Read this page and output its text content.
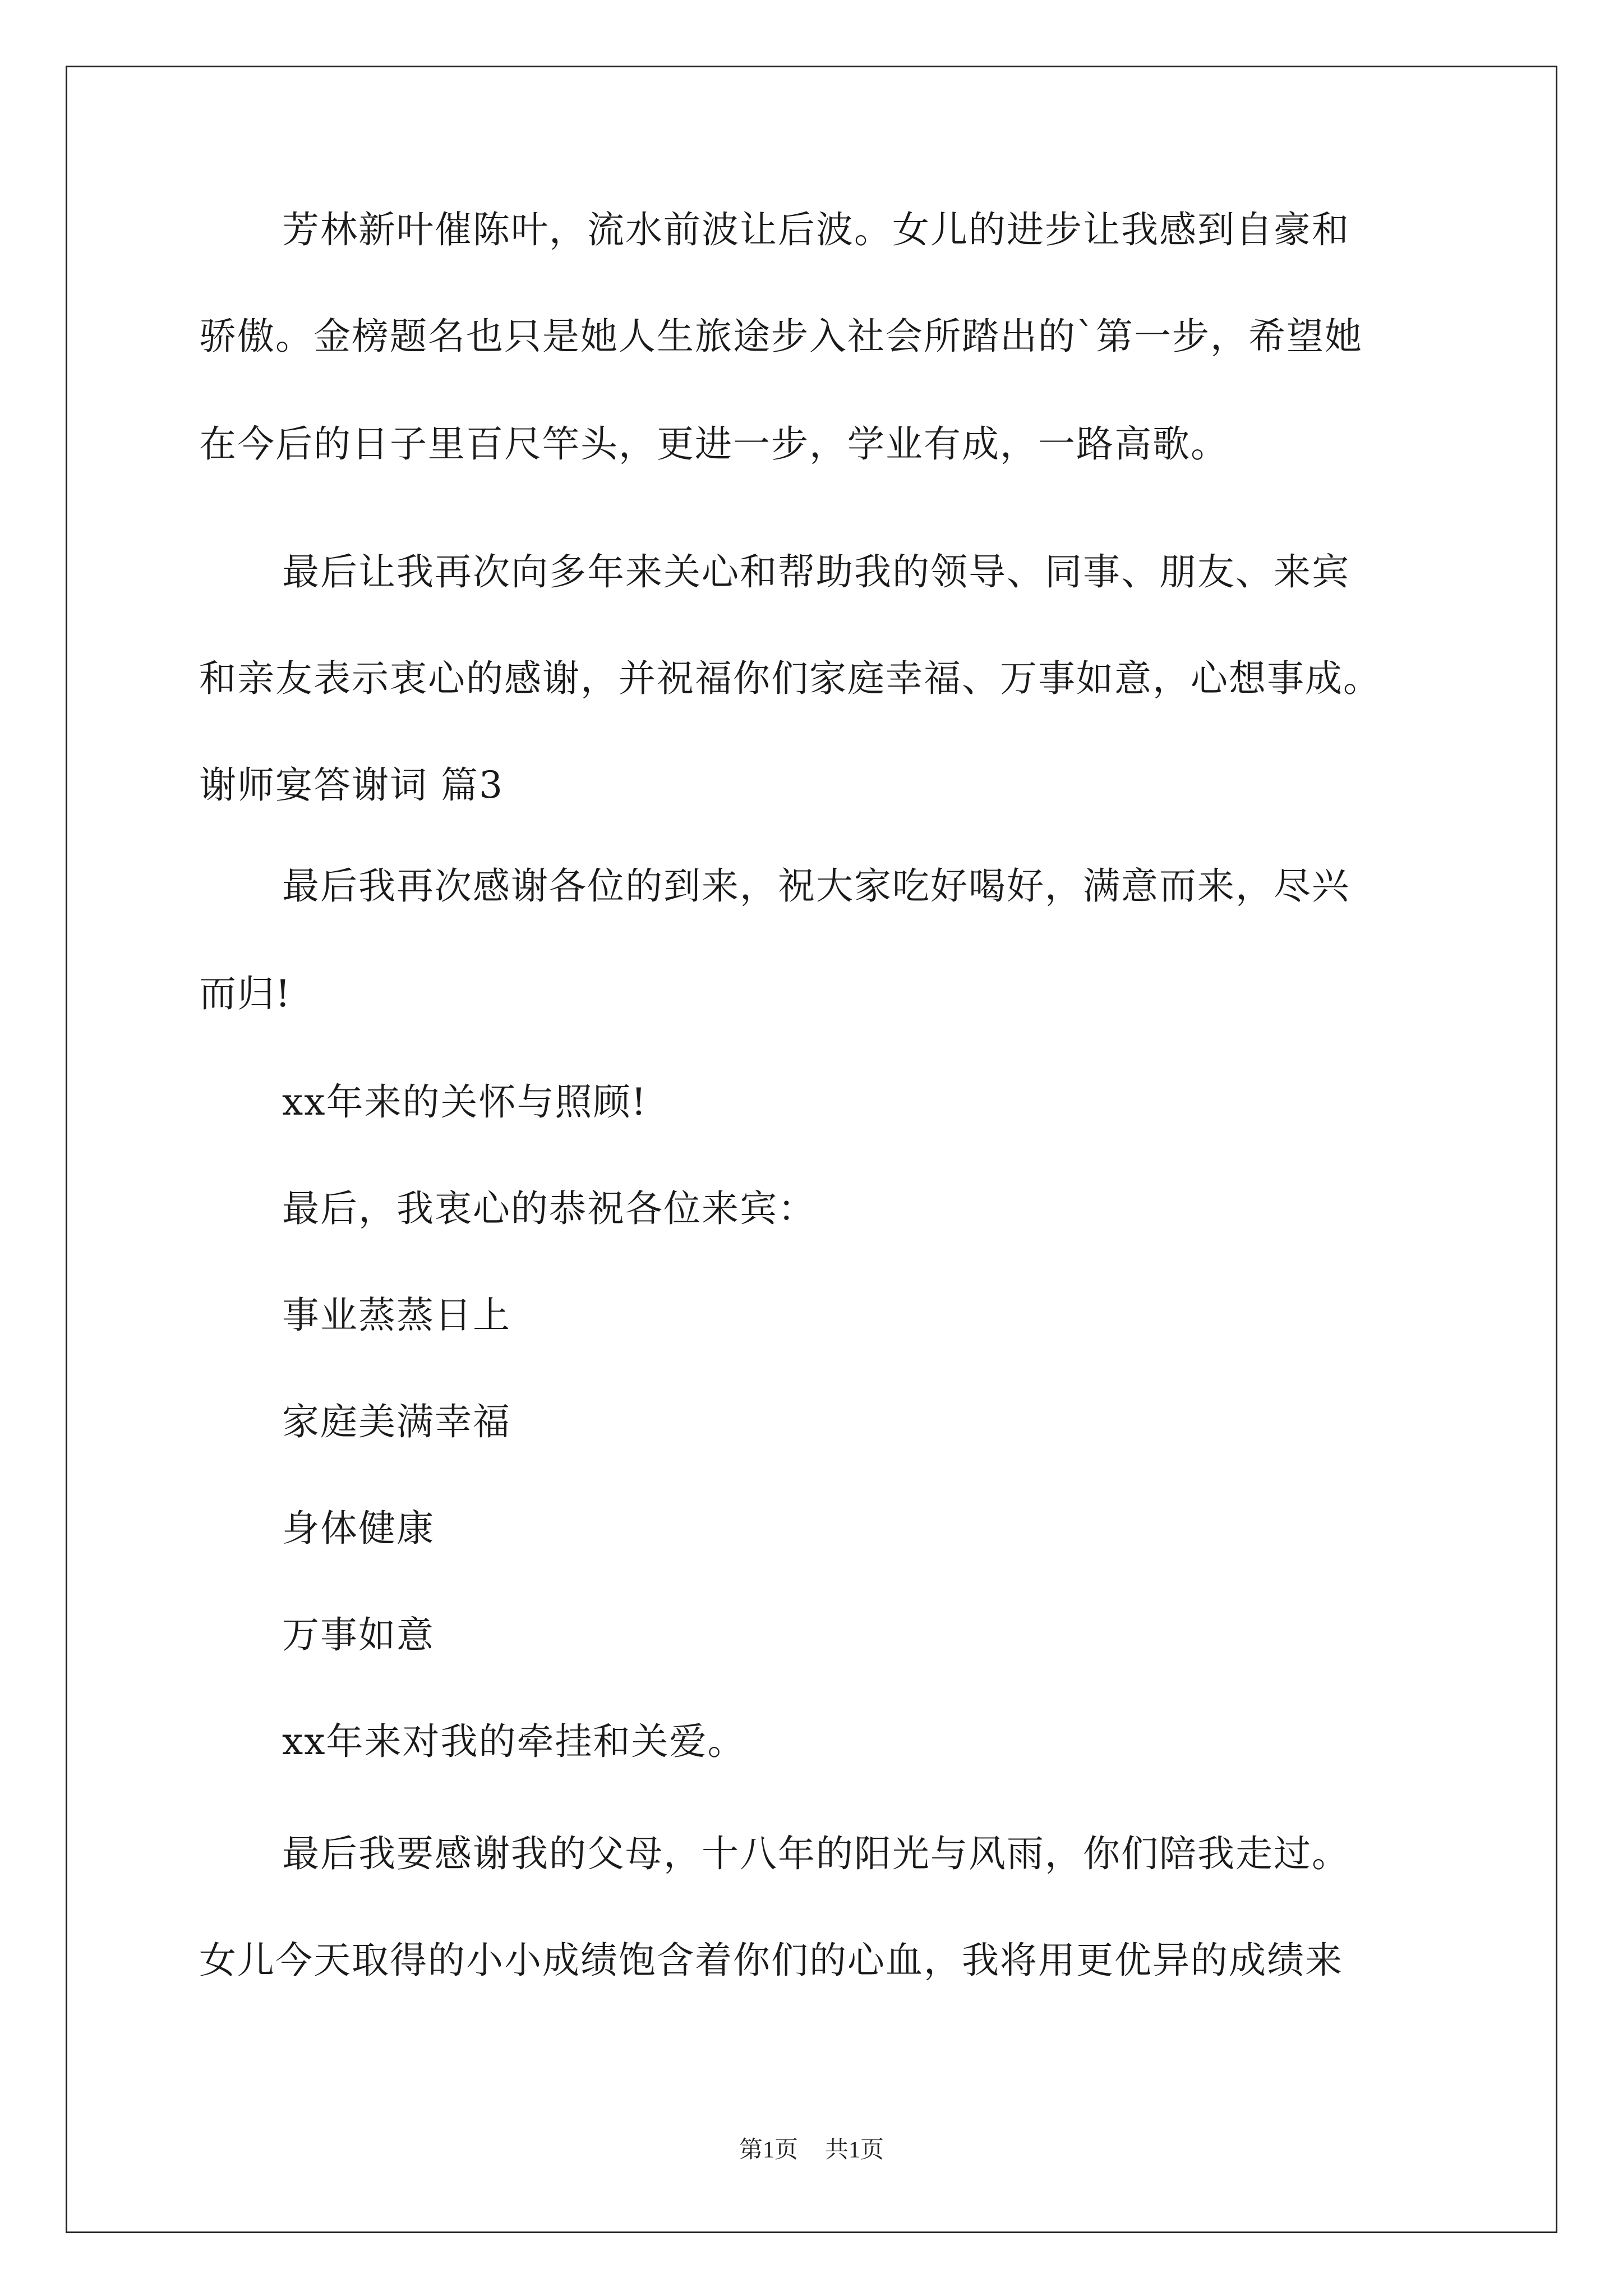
芳林新叶催陈叶，流水前波让后波。女儿的进步让我感到自豪和
骄傲。金榜题名也只是她人生旅途步入社会所踏出的`第一步，希望她
在今后的日子里百尺竿头，更进一步，学业有成，一路高歌。
最后让我再次向多年来关心和帮助我的领导、同事、朋友、来宾
和亲友表示衷心的感谢，并祝福你们家庭幸福、万事如意，心想事成。
谢师宴答谢词 篇3
最后我再次感谢各位的到来，祝大家吃好喝好，满意而来，尽兴
而归!
xx年来的关怀与照顾!
最后，我衷心的恭祝各位来宾：
事业蒸蒸日上
家庭美满幸福
身体健康
万事如意
xx年来对我的牵挂和关爱。
最后我要感谢我的父母，十八年的阳光与风雨，你们陪我走过。
女儿今天取得的小小成绩饱含着你们的心血，我将用更优异的成绩来
第1页 共1页
